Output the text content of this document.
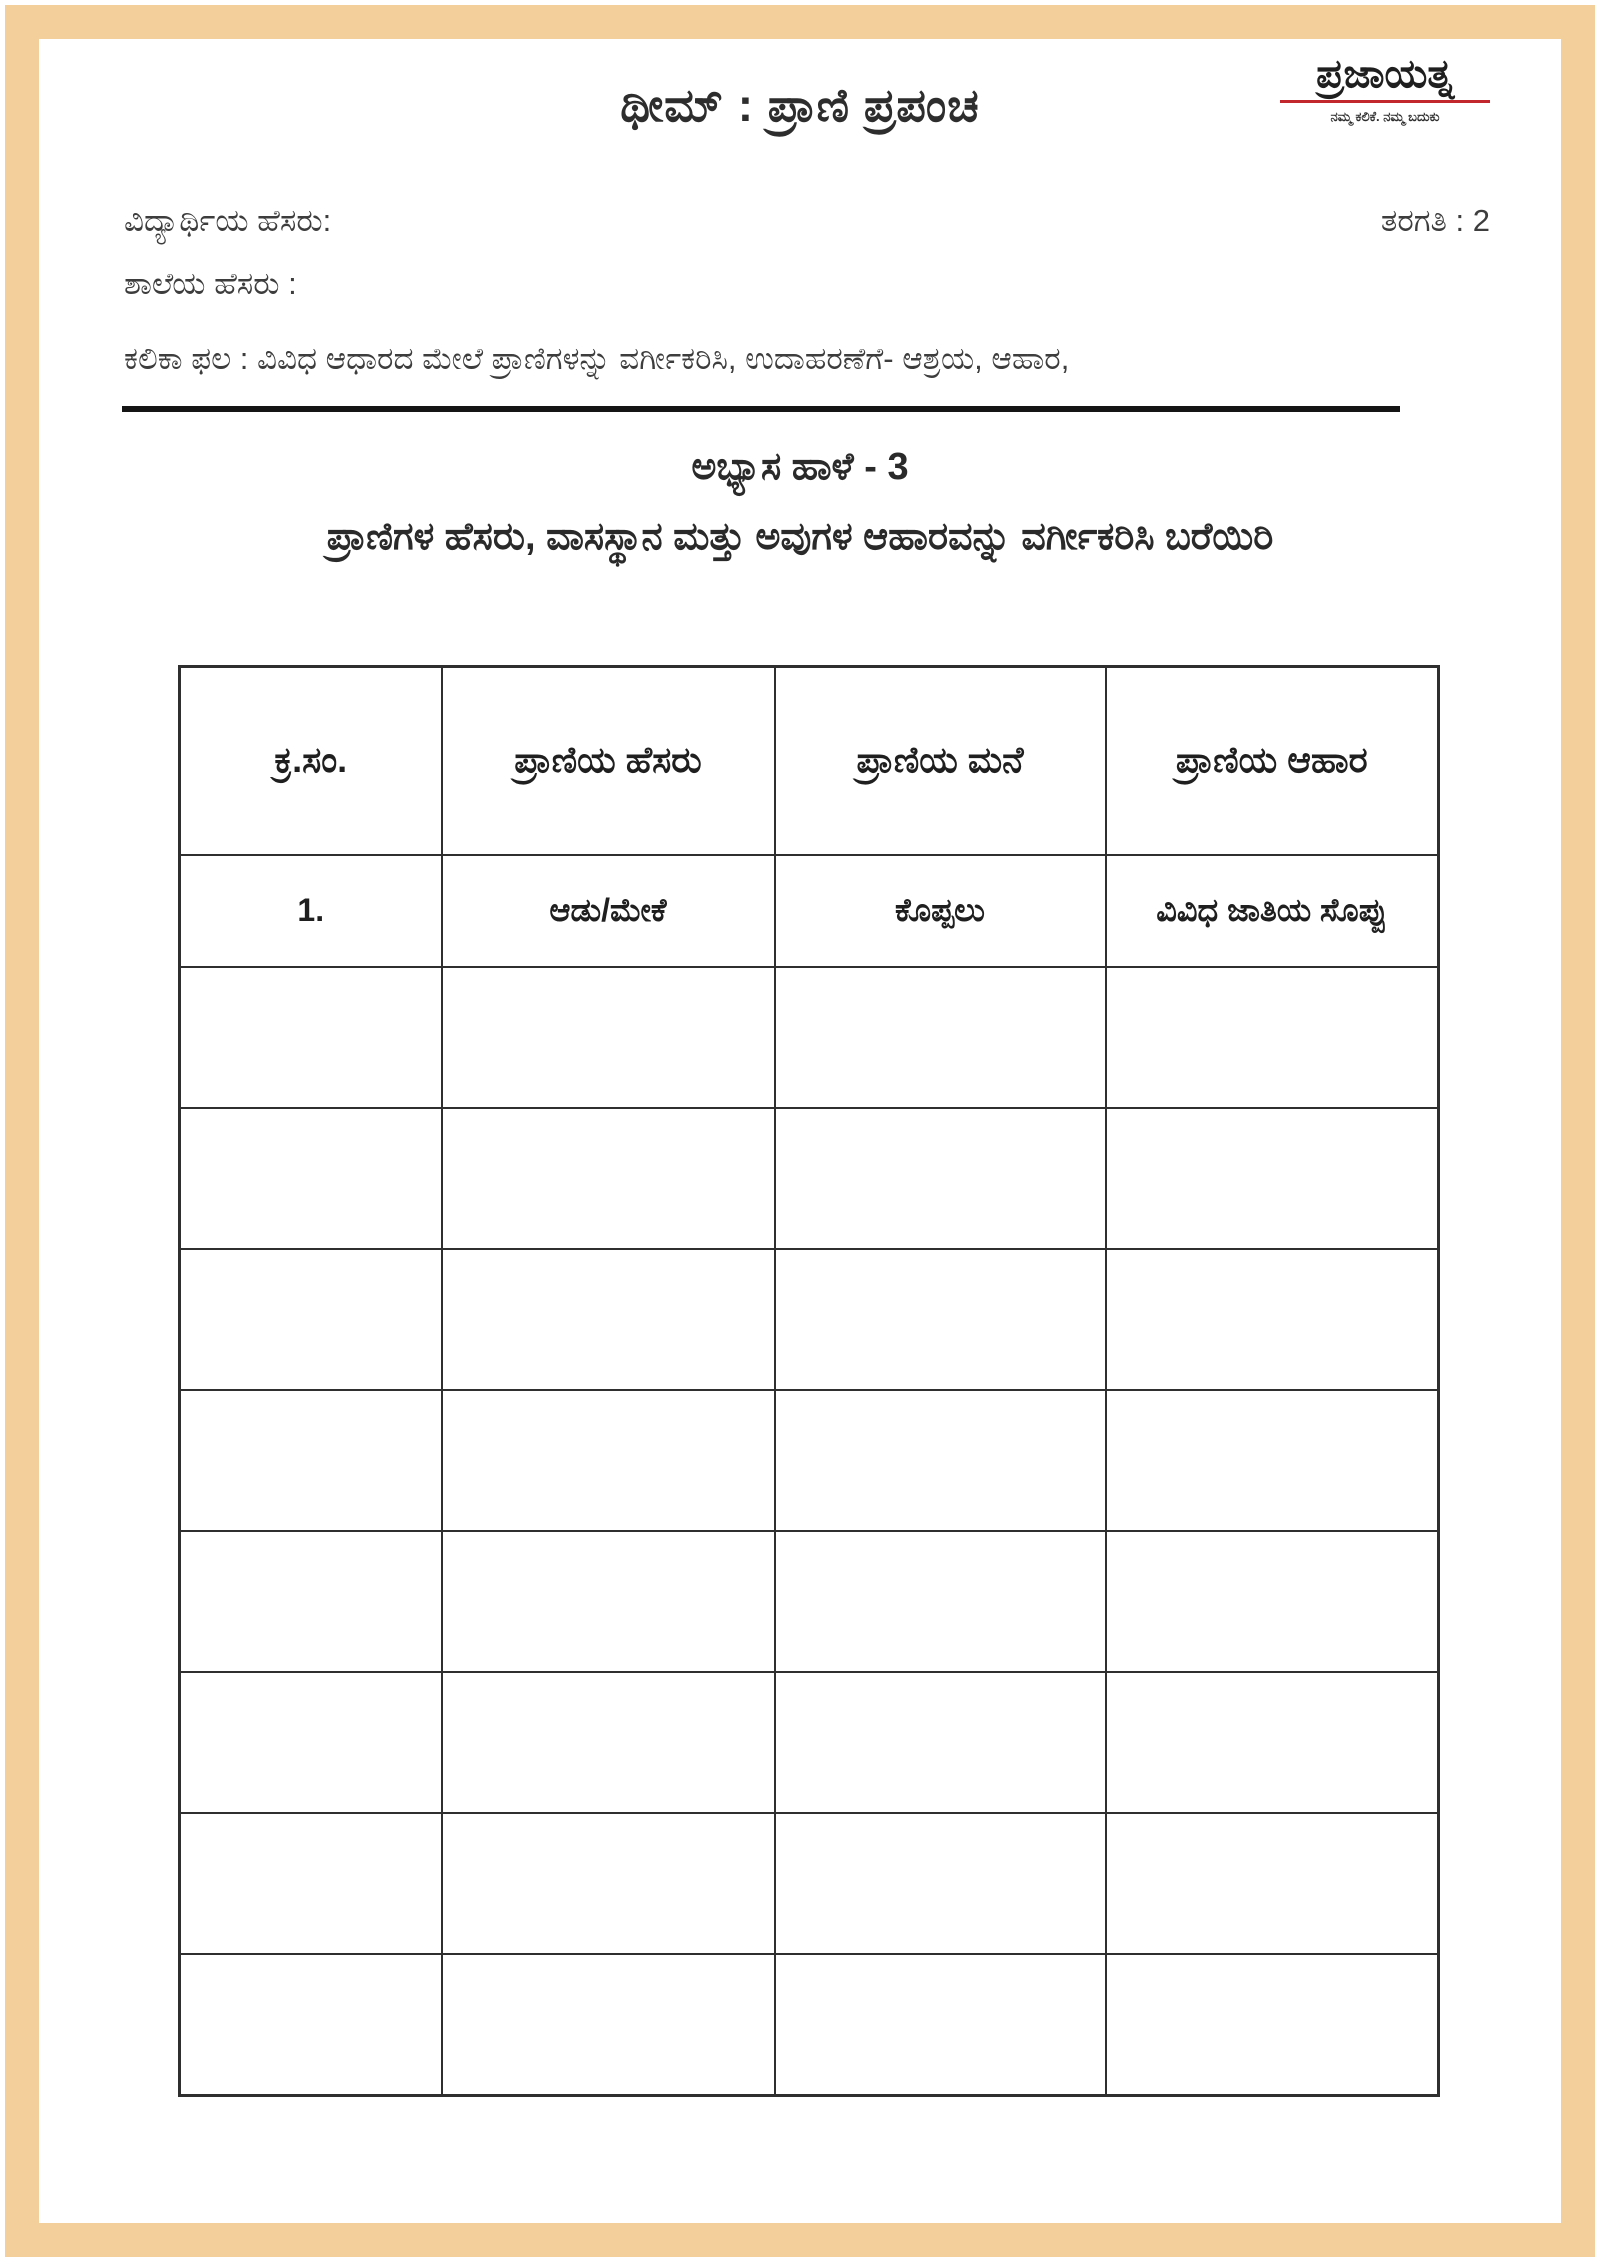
ಥೀಮ್ : ಪ್ರಾಣಿ ಪ್ರಪಂಚ
ಪ್ರಜಾಯತ್ನ
ನಮ್ಮ ಕಲಿಕೆ. ನಮ್ಮ ಬದುಕು
ವಿದ್ಯಾರ್ಥಿಯ ಹೆಸರು:	ತರಗತಿ : 2
ಶಾಲೆಯ ಹೆಸರು :
ಕಲಿಕಾ ಫಲ : ವಿವಿಧ ಆಧಾರದ ಮೇಲೆ ಪ್ರಾಣಿಗಳನ್ನು ವರ್ಗೀಕರಿಸಿ, ಉದಾಹರಣೆಗೆ- ಆಶ್ರಯ, ಆಹಾರ,
ಅಭ್ಯಾಸ ಹಾಳೆ - 3
ಪ್ರಾಣಿಗಳ ಹೆಸರು, ವಾಸಸ್ಥಾನ ಮತ್ತು ಅವುಗಳ ಆಹಾರವನ್ನು ವರ್ಗೀಕರಿಸಿ ಬರೆಯಿರಿ
ಕ್ರ.ಸಂ.	ಪ್ರಾಣಿಯ ಹೆಸರು	ಪ್ರಾಣಿಯ ಮನೆ	ಪ್ರಾಣಿಯ ಆಹಾರ
1.	ಆಡು/ಮೇಕೆ	ಕೊಪ್ಪಲು	ವಿವಿಧ ಜಾತಿಯ ಸೊಪ್ಪು
